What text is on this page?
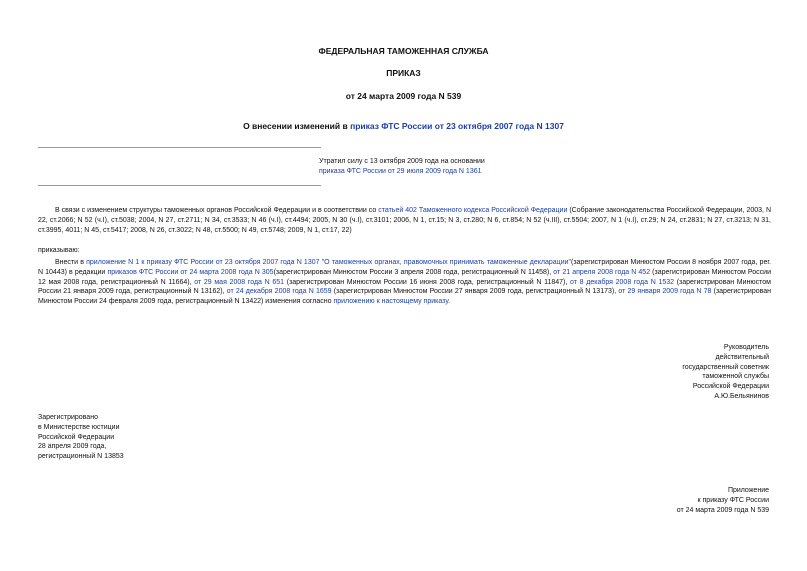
ФЕДЕРАЛЬНАЯ ТАМОЖЕННАЯ СЛУЖБА
ПРИКАЗ
от 24 марта 2009 года N 539
О внесении изменений в приказ ФТС России от 23 октября 2007 года N 1307
Утратил силу с 13 октября 2009 года на основании
приказа ФТС России от 29 июля 2009 года N 1361
В связи с изменением структуры таможенных органов Российской Федерации и в соответствии со статьей 402 Таможенного кодекса Российской Федерации (Собрание законодательства Российской Федерации, 2003, N 22, ст.2066; N 52 (ч.I), ст.5038; 2004, N 27, ст.2711; N 34, ст.3533; N 46 (ч.I), ст.4494; 2005, N 30 (ч.I), ст.3101; 2006, N 1, ст.15; N 3, ст.280; N 6, ст.854; N 52 (ч.III), ст.5504; 2007, N 1 (ч.I), ст.29; N 24, ст.2831; N 27, ст.3213; N 31, ст.3995, 4011; N 45, ст.5417; 2008, N 26, ст.3022; N 48, ст.5500; N 49, ст.5748; 2009, N 1, ст.17, 22)
приказываю:
Внести в приложение N 1 к приказу ФТС России от 23 октября 2007 года N 1307 "О таможенных органах, правомочных принимать таможенные декларации"(зарегистрирован Минюстом России 8 ноября 2007 года, рег. N 10443) в редакции приказов ФТС России от 24 марта 2008 года N 305(зарегистрирован Минюстом России 3 апреля 2008 года, регистрационный N 11458), от 21 апреля 2008 года N 452 (зарегистрирован Минюстом России 12 мая 2008 года, регистрационный N 11664), от 29 мая 2008 года N 651 (зарегистрирован Минюстом России 16 июня 2008 года, регистрационный N 11847), от 8 декабря 2008 года N 1532 (зарегистрирован Минюстом России 21 января 2009 года, регистрационный N 13162), от 24 декабря 2008 года N 1659 (зарегистрирован Минюстом России 27 января 2009 года, регистрационный N 13173), от 29 января 2009 года N 78 (зарегистрирован Минюстом России 24 февраля 2009 года, регистрационный N 13422) изменения согласно приложению к настоящему приказу.
Руководитель
действительный
государственный советник
таможенной службы
Российской Федерации
А.Ю.Бельянинов
Зарегистрировано
в Министерстве юстиции
Российской Федерации
28 апреля 2009 года,
регистрационный N 13853
Приложение
к приказу ФТС России
от 24 марта 2009 года N 539
